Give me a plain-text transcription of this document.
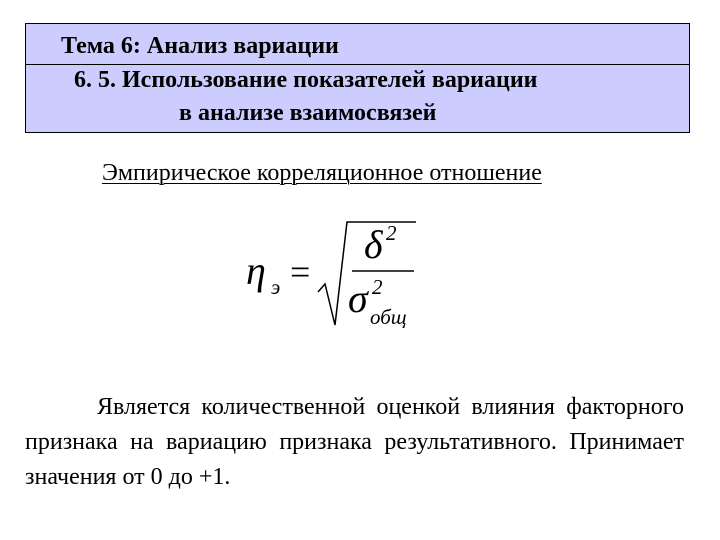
Тема 6: Анализ вариации
6. 5. Использование показателей вариации
в анализе взаимосвязей
Эмпирическое корреляционное отношение
η э =
δ 2
σ 2
общ

Является количественной оценкой влияния факторного признака на вариацию признака результативного. Принимает значения от 0 до +1.
